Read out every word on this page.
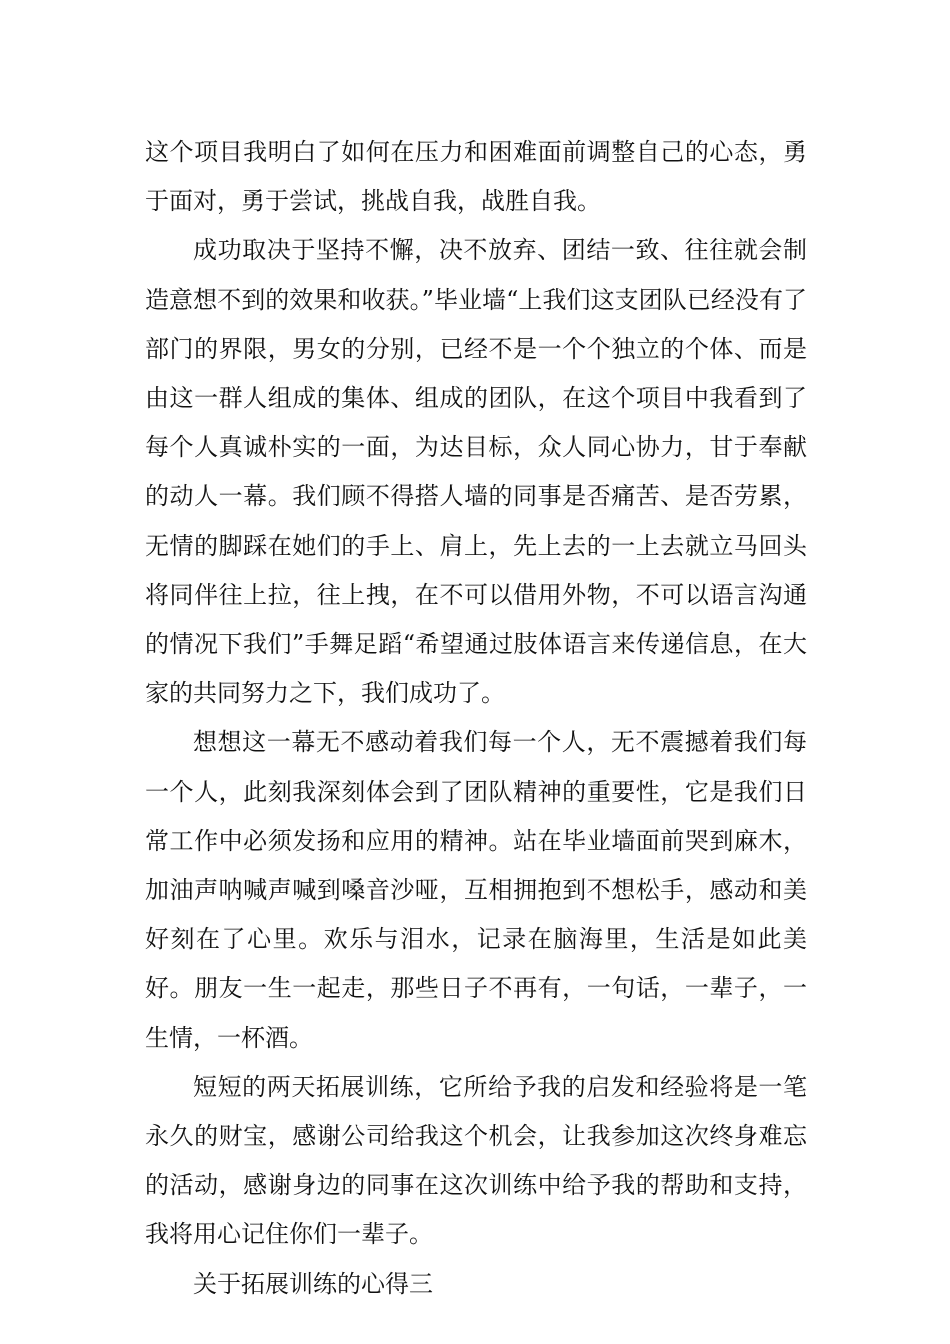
这个项目我明白了如何在压力和困难面前调整自己的心态，勇于面对，勇于尝试，挑战自我，战胜自我。

成功取决于坚持不懈，决不放弃、团结一致、往往就会制造意想不到的效果和收获。”毕业墙“上我们这支团队已经没有了部门的界限，男女的分别，已经不是一个个独立的个体、而是由这一群人组成的集体、组成的团队，在这个项目中我看到了每个人真诚朴实的一面，为达目标，众人同心协力，甘于奉献的动人一幕。我们顾不得搭人墙的同事是否痛苦、是否劳累，无情的脚踩在她们的手上、肩上，先上去的一上去就立马回头将同伴往上拉，往上拽，在不可以借用外物，不可以语言沟通的情况下我们”手舞足蹈“希望通过肢体语言来传递信息，在大家的共同努力之下，我们成功了。

想想这一幕无不感动着我们每一个人，无不震撼着我们每一个人，此刻我深刻体会到了团队精神的重要性，它是我们日常工作中必须发扬和应用的精神。站在毕业墙面前哭到麻木，加油声呐喊声喊到嗓音沙哑，互相拥抱到不想松手，感动和美好刻在了心里。欢乐与泪水，记录在脑海里，生活是如此美好。朋友一生一起走，那些日子不再有，一句话，一辈子，一生情，一杯酒。

短短的两天拓展训练，它所给予我的启发和经验将是一笔永久的财宝，感谢公司给我这个机会，让我参加这次终身难忘的活动，感谢身边的同事在这次训练中给予我的帮助和支持，我将用心记住你们一辈子。

关于拓展训练的心得三
